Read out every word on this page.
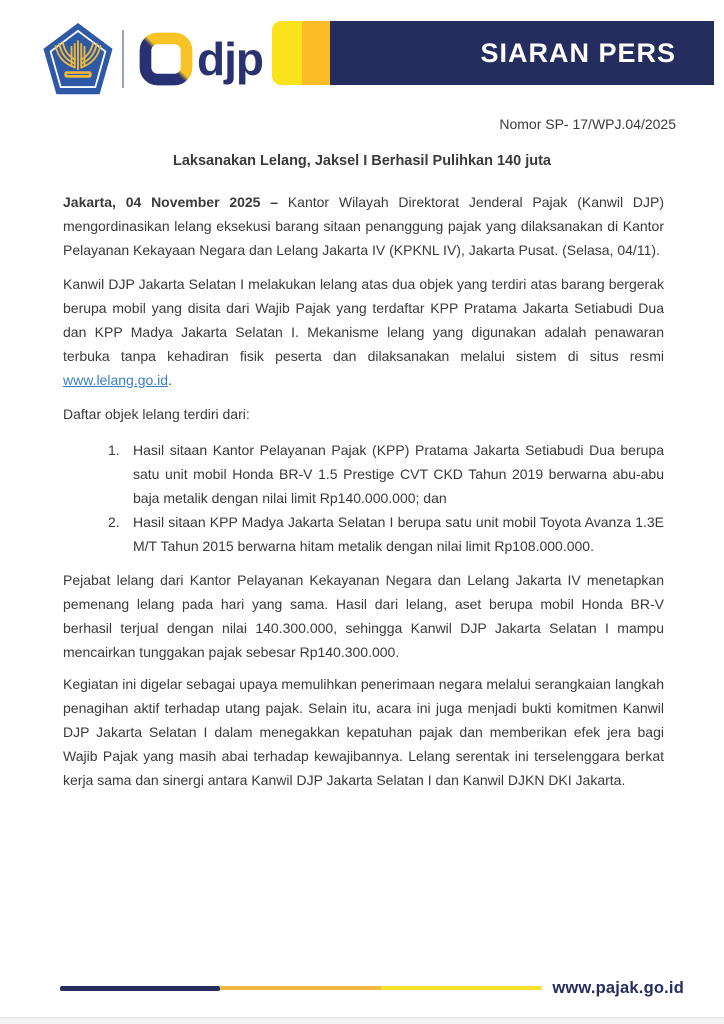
djp	SIARAN PERS
Nomor SP- 17/WPJ.04/2025
Laksanakan Lelang, Jaksel I Berhasil Pulihkan 140 juta

Jakarta, 04 November 2025 – Kantor Wilayah Direktorat Jenderal Pajak (Kanwil DJP) mengordinasikan lelang eksekusi barang sitaan penanggung pajak yang dilaksanakan di Kantor Pelayanan Kekayaan Negara dan Lelang Jakarta IV (KPKNL IV), Jakarta Pusat. (Selasa, 04/11).

Kanwil DJP Jakarta Selatan I melakukan lelang atas dua objek yang terdiri atas barang bergerak berupa mobil yang disita dari Wajib Pajak yang terdaftar KPP Pratama Jakarta Setiabudi Dua dan KPP Madya Jakarta Selatan I. Mekanisme lelang yang digunakan adalah penawaran terbuka tanpa kehadiran fisik peserta dan dilaksanakan melalui sistem di situs resmi www.lelang.go.id.

Daftar objek lelang terdiri dari:

1. Hasil sitaan Kantor Pelayanan Pajak (KPP) Pratama Jakarta Setiabudi Dua berupa satu unit mobil Honda BR-V 1.5 Prestige CVT CKD Tahun 2019 berwarna abu-abu baja metalik dengan nilai limit Rp140.000.000; dan
2. Hasil sitaan KPP Madya Jakarta Selatan I berupa satu unit mobil Toyota Avanza 1.3E M/T Tahun 2015 berwarna hitam metalik dengan nilai limit Rp108.000.000.

Pejabat lelang dari Kantor Pelayanan Kekayanan Negara dan Lelang Jakarta IV menetapkan pemenang lelang pada hari yang sama. Hasil dari lelang, aset berupa mobil Honda BR-V berhasil terjual dengan nilai 140.300.000, sehingga Kanwil DJP Jakarta Selatan I mampu mencairkan tunggakan pajak sebesar Rp140.300.000.

Kegiatan ini digelar sebagai upaya memulihkan penerimaan negara melalui serangkaian langkah penagihan aktif terhadap utang pajak. Selain itu, acara ini juga menjadi bukti komitmen Kanwil DJP Jakarta Selatan I dalam menegakkan kepatuhan pajak dan memberikan efek jera bagi Wajib Pajak yang masih abai terhadap kewajibannya. Lelang serentak ini terselenggara berkat kerja sama dan sinergi antara Kanwil DJP Jakarta Selatan I dan Kanwil DJKN DKI Jakarta.

www.pajak.go.id
